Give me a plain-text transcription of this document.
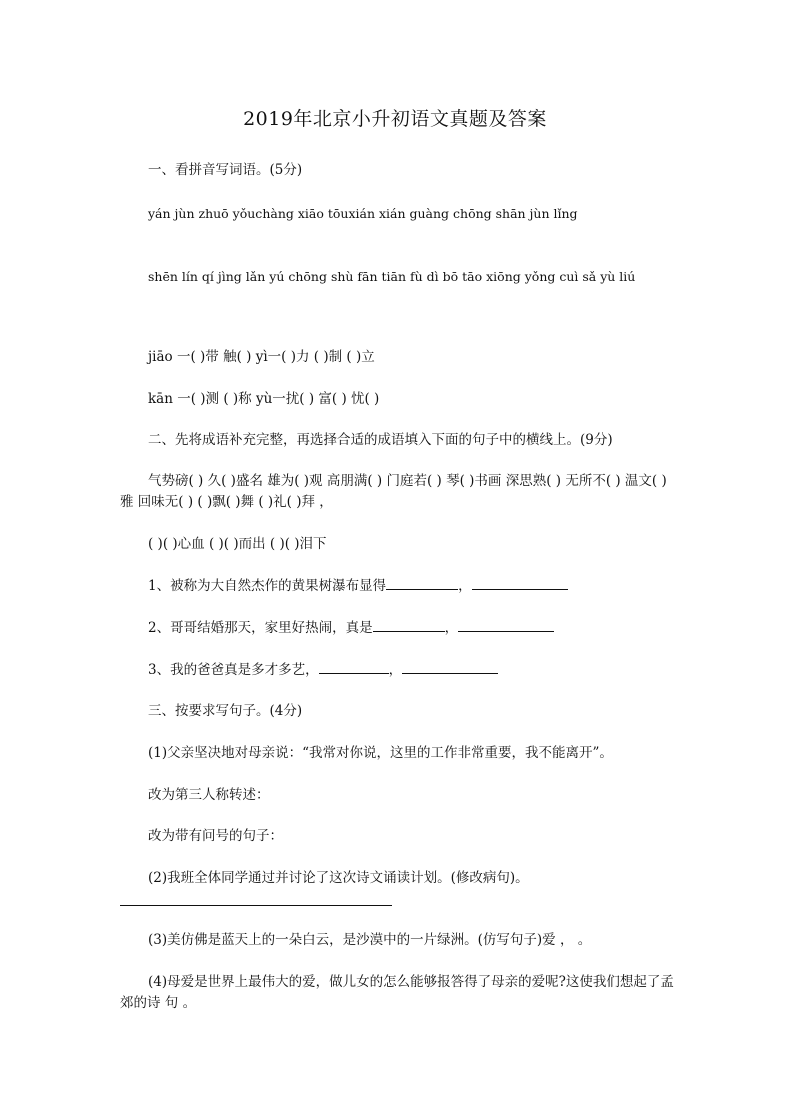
2019年北京小升初语文真题及答案
一、看拼音写词语。(5分)
yán jùn zhuō yǒuchàng xiāo tōuxián xián guàng chōng shān jùn lǐng
shēn lín qí jìng lǎn yú chōng shù fān tiān fù dì bō tāo xiōng yǒng cuì sǎ yù liú
jiāo 一( )带 触( ) yì一( )力 ( )制 ( )立
kān 一( )测 ( )称 yù一扰( ) 富( ) 忧( )
二、先将成语补充完整，再选择合适的成语填入下面的句子中的横线上。(9分)
气势磅( ) 久( )盛名 雄为( )观 高朋满( ) 门庭若( ) 琴( )书画 深思熟( ) 无所不( ) 温文( )雅 回味无( ) ( )飘( )舞 ( )礼( )拜 ，
( )( )心血 ( )( )而出 ( )( )泪下
1、被称为大自然杰作的黄果树瀑布显得	，
2、哥哥结婚那天，家里好热闹，真是	，
3、我的爸爸真是多才多艺，	，
三、按要求写句子。(4分)
(1)父亲坚决地对母亲说：“我常对你说，这里的工作非常重要，我不能离开”。
改为第三人称转述：
改为带有问号的句子：
(2)我班全体同学通过并讨论了这次诗文诵读计划。(修改病句)。
(3)美仿佛是蓝天上的一朵白云，是沙漠中的一片绿洲。(仿写句子)爱 ， 。
(4)母爱是世界上最伟大的爱，做儿女的怎么能够报答得了母亲的爱呢?这使我们想起了孟郊的诗 句 。
